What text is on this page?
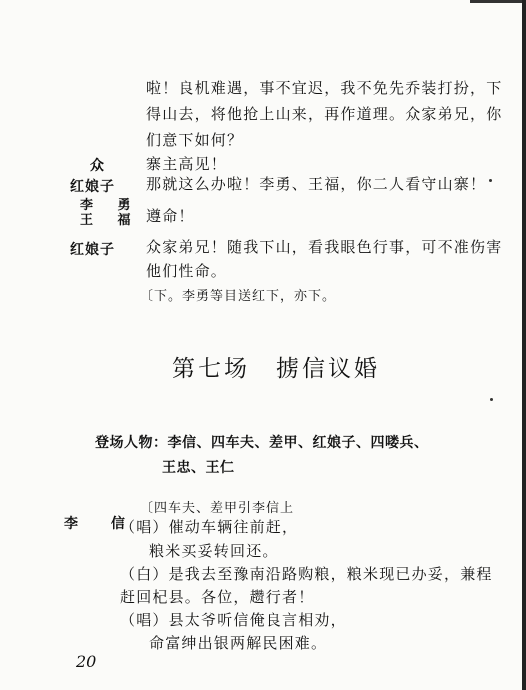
啦！良机难遇，事不宜迟，我不免先乔装打扮，下
得山去，将他抢上山来，再作道理。众家弟兄，你
们意下如何？
众	寨主高见！
红娘子 那就这么办啦！李勇、王福，你二人看守山寨！
李 勇
王 福 遵命！
红娘子 众家弟兄！随我下山，看我眼色行事，可不准伤害
他们性命。
〔下。李勇等目送红下，亦下。
第七场　掳信议婚
登场人物：李信、四车夫、差甲、红娘子、四喽兵、
王忠、王仁
〔四车夫、差甲引李信上
李 信
（唱）催动车辆往前赶，
粮米买妥转回还。
（白）是我去至豫南沿路购粮，粮米现已办妥，兼程
赶回杞县。各位，趱行者！
（唱）县太爷听信俺良言相劝，
命富绅出银两解民困难。
20
